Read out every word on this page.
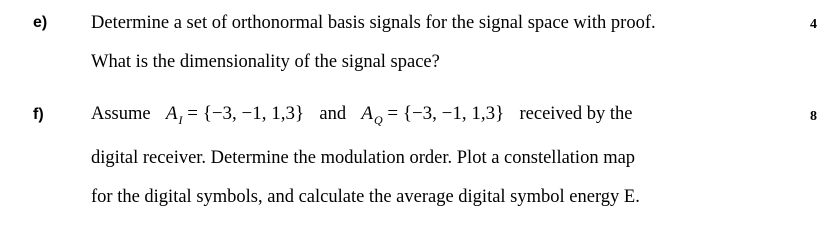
e)	4
Determine a set of orthonormal basis signals for the signal space with proof.
What is the dimensionality of the signal space?
f)	8
Assume $A_I = \{-3$, −1, 1,3} and $A_Q = \{-3$, −1, 1,3} received by the
digital receiver. Determine the modulation order. Plot a constellation map
for the digital symbols, and calculate the average digital symbol energy E.
